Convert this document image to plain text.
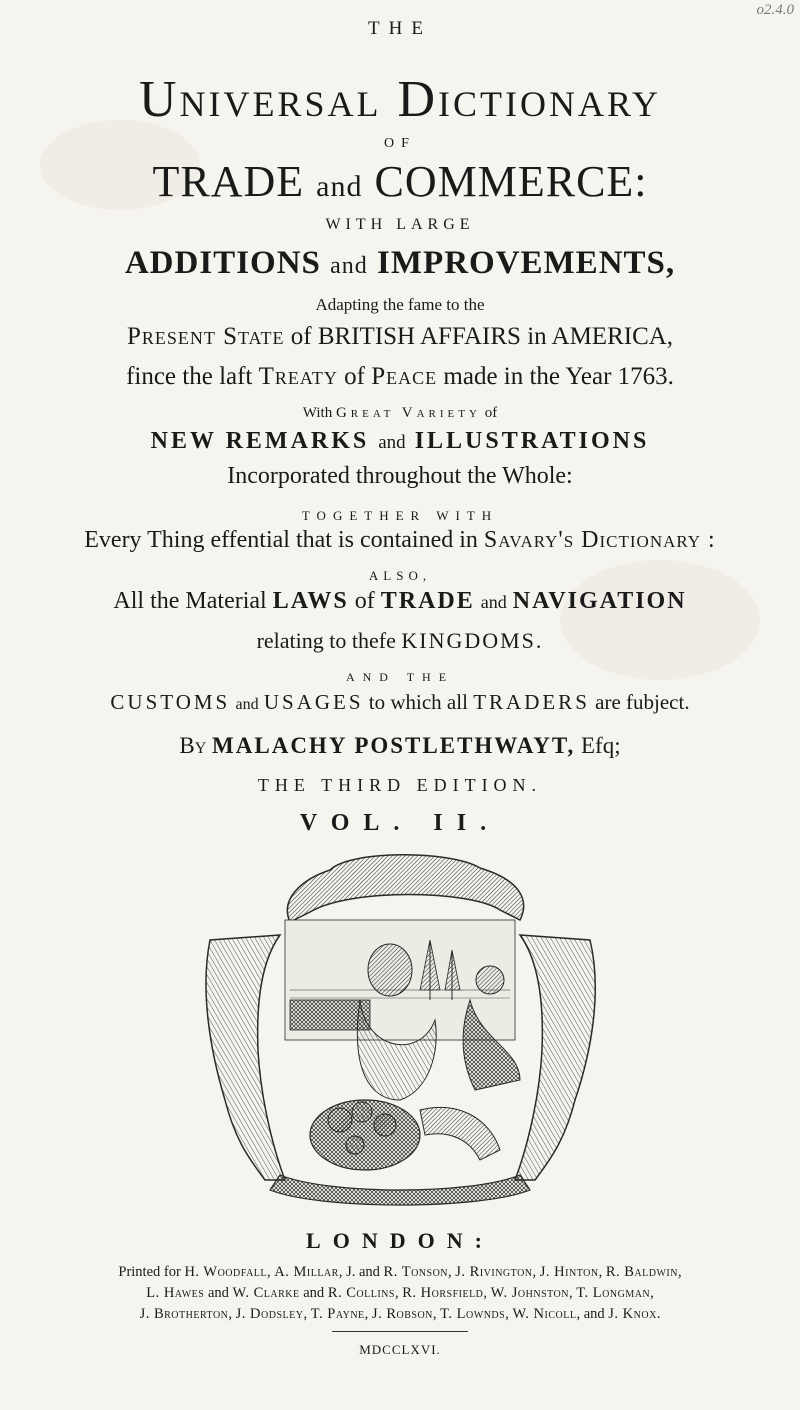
o2.4.0
THE
Universal Dictionary
OF
TRADE and COMMERCE:
WITH LARGE
ADDITIONS and IMPROVEMENTS,
Adapting the fame to the
Present State of BRITISH AFFAIRS in AMERICA,
fince the laft Treaty of Peace made in the Year 1763.
With Great Variety of
NEW REMARKS and ILLUSTRATIONS
Incorporated throughout the Whole:
TOGETHER WITH
Every Thing effential that is contained in Savary's Dictionary :
ALSO,
All the Material LAWS of TRADE and NAVIGATION
relating to thefe KINGDOMS.
AND THE
CUSTOMS and USAGES to which all TRADERS are fubject.
By MALACHY POSTLETHWAYT, Efq;
THE THIRD EDITION.
VOL. II.
LONDON:
Printed for H. Woodfall, A. Millar, J. and R. Tonson, J. Rivington, J. Hinton, R. Baldwin,
L. Hawes and W. Clarke and R. Collins, R. Horsfield, W. Johnston, T. Longman,
J. Brotherton, J. Dodsley, T. Payne, J. Robson, T. Lownds, W. Nicoll, and J. Knox.
MDCCLXVI.
